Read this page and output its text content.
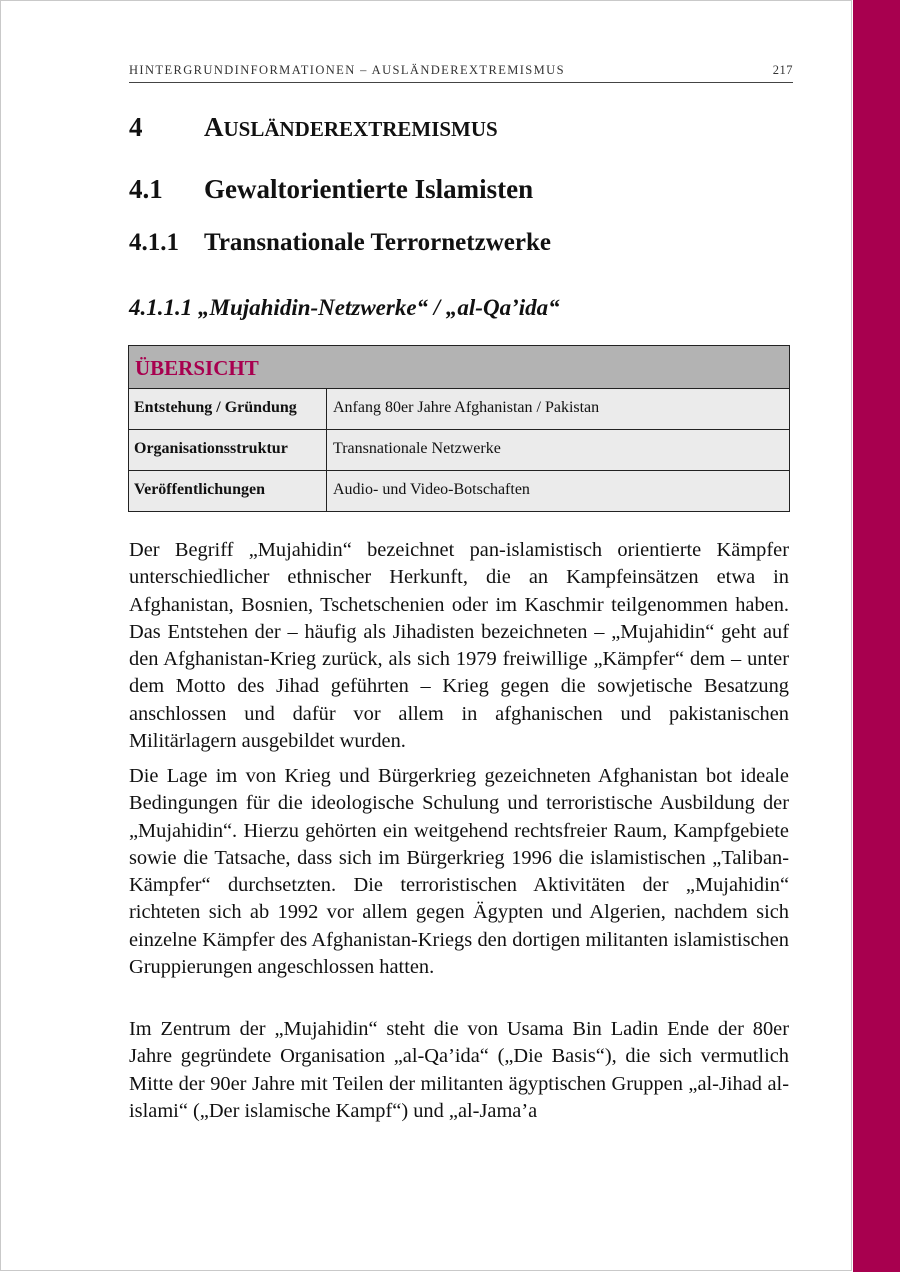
HINTERGRUNDINFORMATIONEN – AUSLÄNDEREXTREMISMUS	217
4 AUSLÄNDEREXTREMISMUS
4.1 Gewaltorientierte Islamisten
4.1.1 Transnationale Terrornetzwerke
4.1.1.1 „Mujahidin-Netzwerke“ / „al-Qa’ida“
ÜBERSICHT
Entstehung / Gründung	Anfang 80er Jahre Afghanistan / Pakistan
Organisationsstruktur	Transnationale Netzwerke
Veröffentlichungen	Audio- und Video-Botschaften

Der Begriff „Mujahidin“ bezeichnet pan-islamistisch orientierte Kämpfer unterschiedlicher ethnischer Herkunft, die an Kampfeinsätzen etwa in Afghanistan, Bosnien, Tschetschenien oder im Kaschmir teilgenommen haben. Das Entstehen der – häufig als Jihadisten bezeichneten – „Mujahidin“ geht auf den Afghanistan-Krieg zurück, als sich 1979 freiwillige „Kämpfer“ dem – unter dem Motto des Jihad geführten – Krieg gegen die sowjetische Besatzung anschlossen und dafür vor allem in afghanischen und pakistanischen Militärlagern ausgebildet wurden.

Die Lage im von Krieg und Bürgerkrieg gezeichneten Afghanistan bot ideale Bedingungen für die ideologische Schulung und terroristische Ausbildung der „Mujahidin“. Hierzu gehörten ein weitgehend rechtsfreier Raum, Kampfgebiete sowie die Tatsache, dass sich im Bürgerkrieg 1996 die islamistischen „Taliban-Kämpfer“ durchsetzten. Die terroristischen Aktivitäten der „Mujahidin“ richteten sich ab 1992 vor allem gegen Ägypten und Algerien, nachdem sich einzelne Kämpfer des Afghanistan-Kriegs den dortigen militanten islamistischen Gruppierungen angeschlossen hatten.

Im Zentrum der „Mujahidin“ steht die von Usama Bin Ladin Ende der 80er Jahre gegründete Organisation „al-Qa’ida“ („Die Basis“), die sich vermutlich Mitte der 90er Jahre mit Teilen der militanten ägyptischen Gruppen „al-Jihad al-islami“ („Der islamische Kampf“) und „al-Jama’a
